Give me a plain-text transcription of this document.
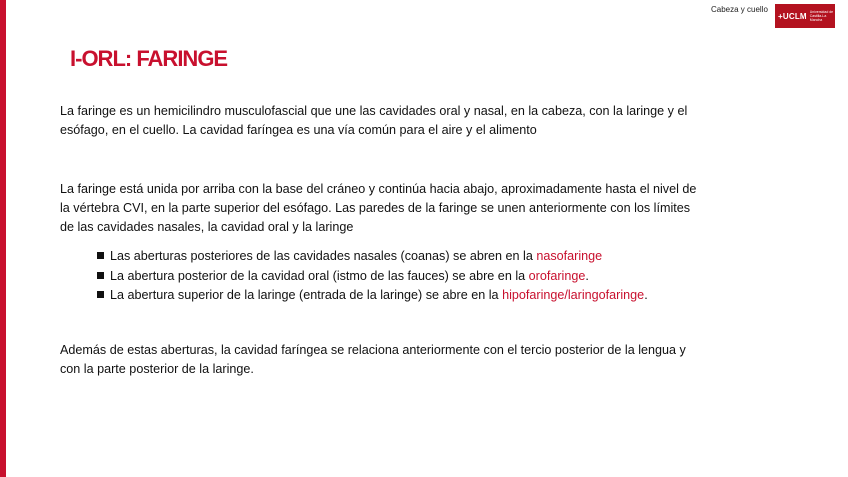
Cabeza y cuello
+UCLM Universidad de Castilla-La Mancha
I-ORL: FARINGE
La faringe es un hemicilindro musculofascial que une las cavidades oral y nasal, en la cabeza, con la laringe y el esófago, en el cuello. La cavidad faríngea es una vía común para el aire y el alimento
La faringe está unida por arriba con la base del cráneo y continúa hacia abajo, aproximadamente hasta el nivel de la vértebra CVI, en la parte superior del esófago. Las paredes de la faringe se unen anteriormente con los límites de las cavidades nasales, la cavidad oral y la laringe
Las aberturas posteriores de las cavidades nasales (coanas) se abren en la nasofaringe
La abertura posterior de la cavidad oral (istmo de las fauces) se abre en la orofaringe.
La abertura superior de la laringe (entrada de la laringe) se abre en la hipofaringe/laringofaringe.
Además de estas aberturas, la cavidad faríngea se relaciona anteriormente con el tercio posterior de la lengua y con la parte posterior de la laringe.
